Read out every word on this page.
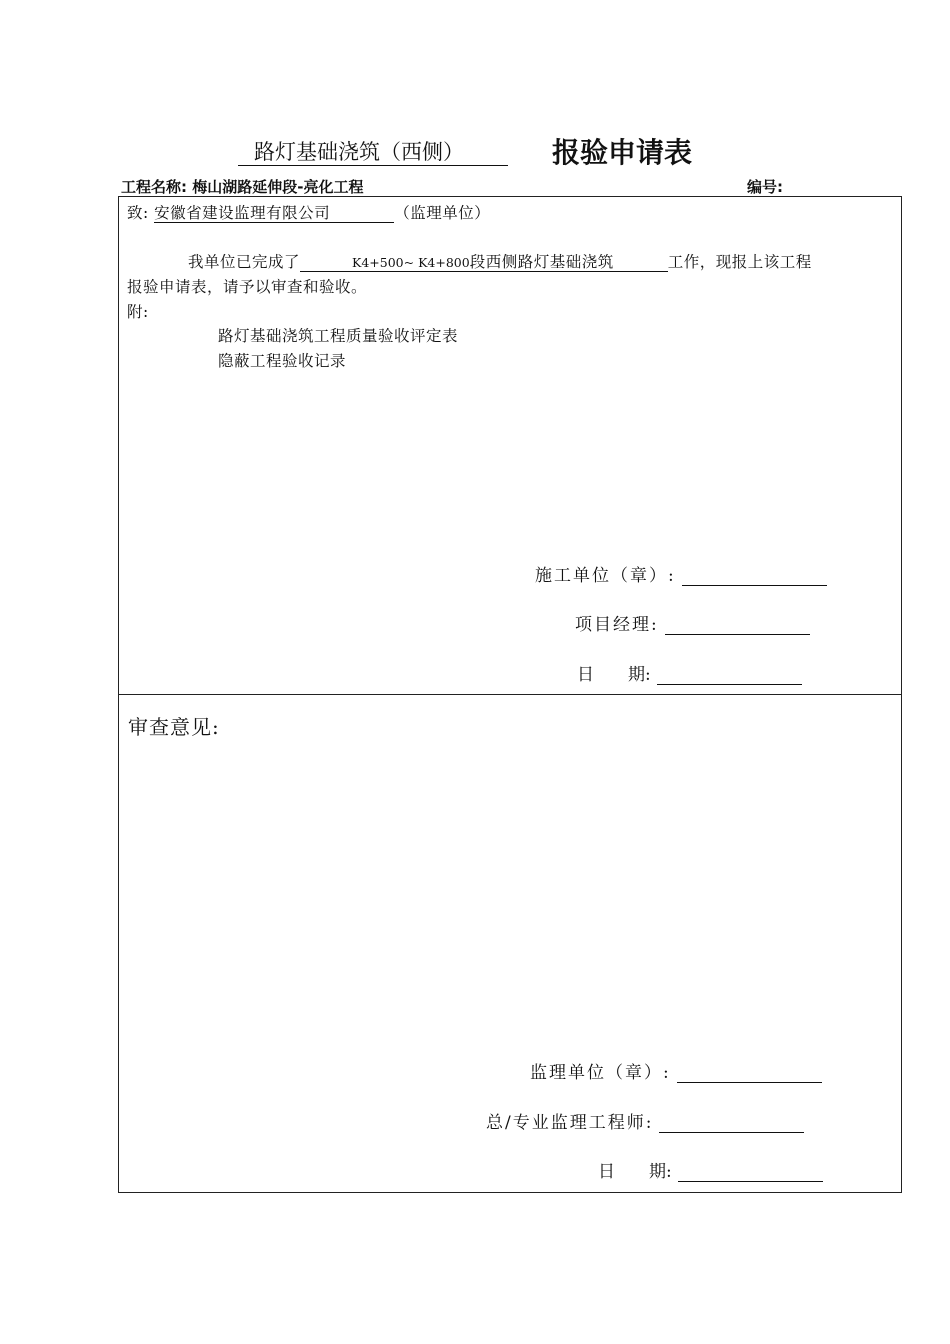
路灯基础浇筑（西侧）	报验申请表
工程名称: 梅山湖路延伸段-亮化工程	编号:
致: 安徽省建设监理有限公司	（监理单位）
我单位已完成了	K4+500~ K4+800段西侧路灯基础浇筑	工作，现报上该工程
报验申请表，请予以审查和验收。
附:
路灯基础浇筑工程质量验收评定表
隐蔽工程验收记录
施工单位（章）:
项目经理:
日　　期:
审查意见:
监理单位（章）:
总/专业监理工程师:
日　　期:
